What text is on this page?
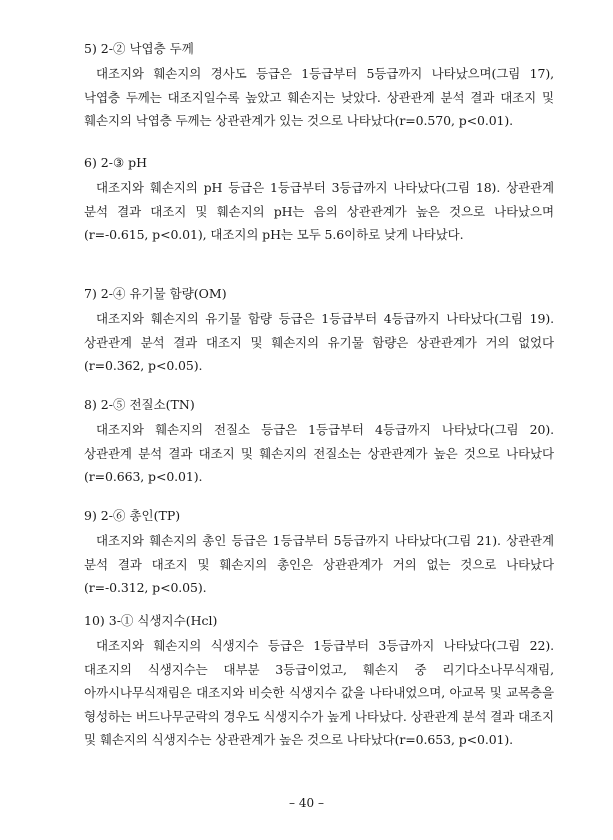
5) 2-② 낙엽층 두께

대조지와 훼손지의 경사도 등급은 1등급부터 5등급까지 나타났으며(그림 17), 낙엽층 두께는 대조지일수록 높았고 훼손지는 낮았다. 상관관계 분석 결과 대조지 및 훼손지의 낙엽층 두께는 상관관계가 있는 것으로 나타났다(r=0.570, p<0.01).

6) 2-③ pH

대조지와 훼손지의 pH 등급은 1등급부터 3등급까지 나타났다(그림 18). 상관관계 분석 결과 대조지 및 훼손지의 pH는 음의 상관관계가 높은 것으로 나타났으며(r=-0.615, p<0.01), 대조지의 pH는 모두 5.6이하로 낮게 나타났다.

7) 2-④ 유기물 함량(OM)

대조지와 훼손지의 유기물 함량 등급은 1등급부터 4등급까지 나타났다(그림 19). 상관관계 분석 결과 대조지 및 훼손지의 유기물 함량은 상관관계가 거의 없었다(r=0.362, p<0.05).

8) 2-⑤ 전질소(TN)

대조지와 훼손지의 전질소 등급은 1등급부터 4등급까지 나타났다(그림 20). 상관관계 분석 결과 대조지 및 훼손지의 전질소는 상관관계가 높은 것으로 나타났다(r=0.663, p<0.01).

9) 2-⑥ 총인(TP)

대조지와 훼손지의 총인 등급은 1등급부터 5등급까지 나타났다(그림 21). 상관관계 분석 결과 대조지 및 훼손지의 총인은 상관관계가 거의 없는 것으로 나타났다(r=-0.312, p<0.05).

10) 3-① 식생지수(Hcl)

대조지와 훼손지의 식생지수 등급은 1등급부터 3등급까지 나타났다(그림 22). 대조지의 식생지수는 대부분 3등급이었고, 훼손지 중 리기다소나무식재림, 아까시나무식재림은 대조지와 비슷한 식생지수 값을 나타내었으며, 아교목 및 교목층을 형성하는 버드나무군락의 경우도 식생지수가 높게 나타났다. 상관관계 분석 결과 대조지 및 훼손지의 식생지수는 상관관계가 높은 것으로 나타났다(r=0.653, p<0.01).

– 40 –
